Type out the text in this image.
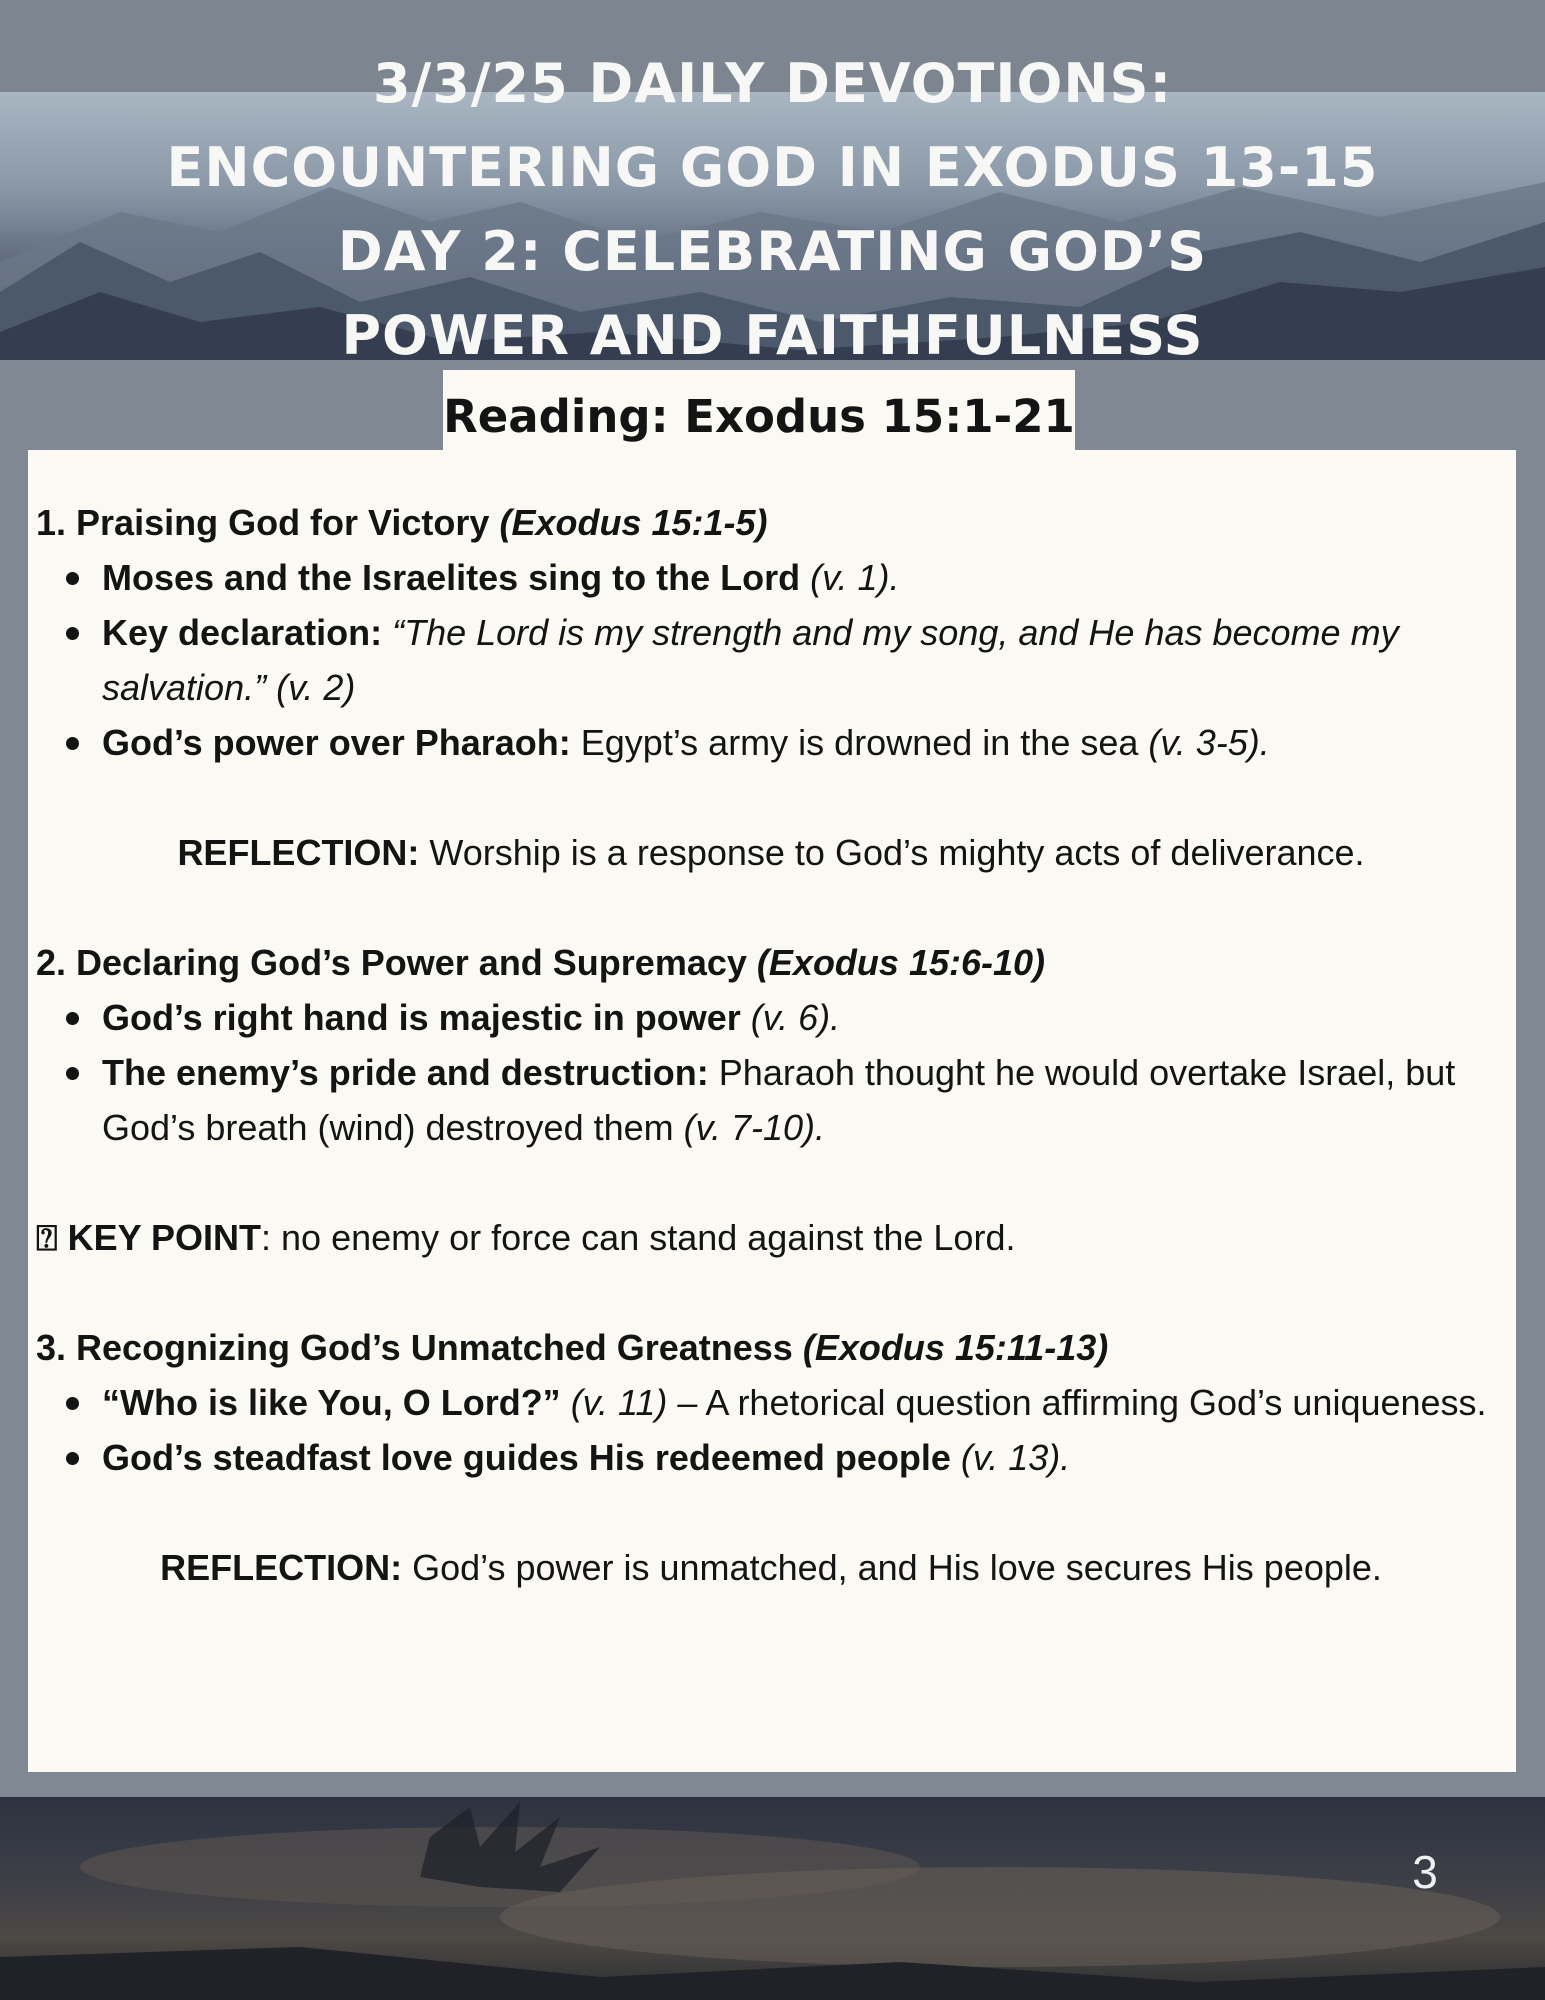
3/3/25 DAILY DEVOTIONS:
ENCOUNTERING GOD IN EXODUS 13-15
DAY 2: CELEBRATING GOD’S
POWER AND FAITHFULNESS
Reading: Exodus 15:1-21

1. Praising God for Victory (Exodus 15:1-5)

Moses and the Israelites sing to the Lord (v. 1).
Key declaration: “The Lord is my strength and my song, and He has become my salvation.” (v. 2)
God’s power over Pharaoh: Egypt’s army is drowned in the sea (v. 3-5).

REFLECTION: Worship is a response to God’s mighty acts of deliverance.

2. Declaring God’s Power and Supremacy (Exodus 15:6-10)

God’s right hand is majestic in power (v. 6).
The enemy’s pride and destruction: Pharaoh thought he would overtake Israel, but God’s breath (wind) destroyed them (v. 7-10).

⍰ KEY POINT: no enemy or force can stand against the Lord.

3. Recognizing God’s Unmatched Greatness (Exodus 15:11-13)

“Who is like You, O Lord?” (v. 11) – A rhetorical question affirming God’s uniqueness.
God’s steadfast love guides His redeemed people (v. 13).

REFLECTION: God’s power is unmatched, and His love secures His people.

3
